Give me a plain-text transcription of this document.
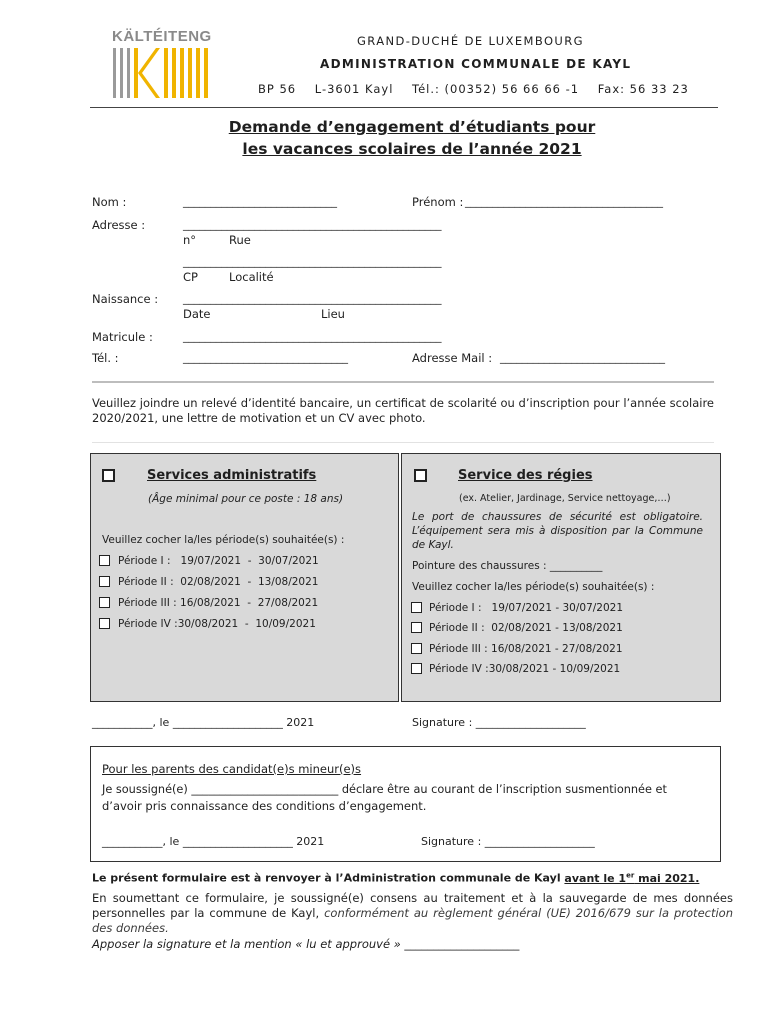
KÄLTÉITENG	GRAND-DUCHÉ DE LUXEMBOURG
ADMINISTRATION COMMUNALE DE KAYL
BP 56    L-3601 Kayl    Tél.: (00352) 56 66 66 -1    Fax: 56 33 23
Demande d’engagement d’étudiants pour
les vacances scolaires de l’année 2021
Nom :	____________________________	Prénom : ____________________________________
Adresse :	_______________________________________________
n°	Rue
_______________________________________________
CP	Localité
Naissance : _______________________________________________
Date	Lieu
Matricule :	_______________________________________________
Tél. :	______________________________	Adresse Mail : ______________________________
Veuillez joindre un relevé d’identité bancaire, un certificat de scolarité ou d’inscription pour l’année scolaire 2020/2021, une lettre de motivation et un CV avec photo.
Services administratifs
(Âge minimal pour ce poste : 18 ans)
Veuillez cocher la/les période(s) souhaitée(s) :
Période I :   19/07/2021  -  30/07/2021
Période II :  02/08/2021  -  13/08/2021
Période III : 16/08/2021  -  27/08/2021
Période IV :30/08/2021  -  10/09/2021
Service des régies
(ex. Atelier, Jardinage, Service nettoyage,…)
Le port de chaussures de sécurité est obligatoire. L’équipement sera mis à disposition par la Commune de Kayl.
Pointure des chaussures : __________
Veuillez cocher la/les période(s) souhaitée(s) :
Période I :   19/07/2021 - 30/07/2021
Période II :  02/08/2021 - 13/08/2021
Période III : 16/08/2021 - 27/08/2021
Période IV :30/08/2021 - 10/09/2021
___________, le ____________________ 2021	Signature : ____________________
Pour les parents des candidat(e)s mineur(e)s
Je soussigné(e) __________________________ déclare être au courant de l’inscription susmentionnée et
d’avoir pris connaissance des conditions d’engagement.
___________, le ____________________ 2021	Signature : ____________________
Le présent formulaire est à renvoyer à l’Administration communale de Kayl avant le 1er mai 2021.
En soumettant ce formulaire, je soussigné(e) consens au traitement et à la sauvegarde de mes données personnelles par la commune de Kayl, conformément au règlement général (UE) 2016/679 sur la protection des données.
Apposer la signature et la mention « lu et approuvé » ____________________
